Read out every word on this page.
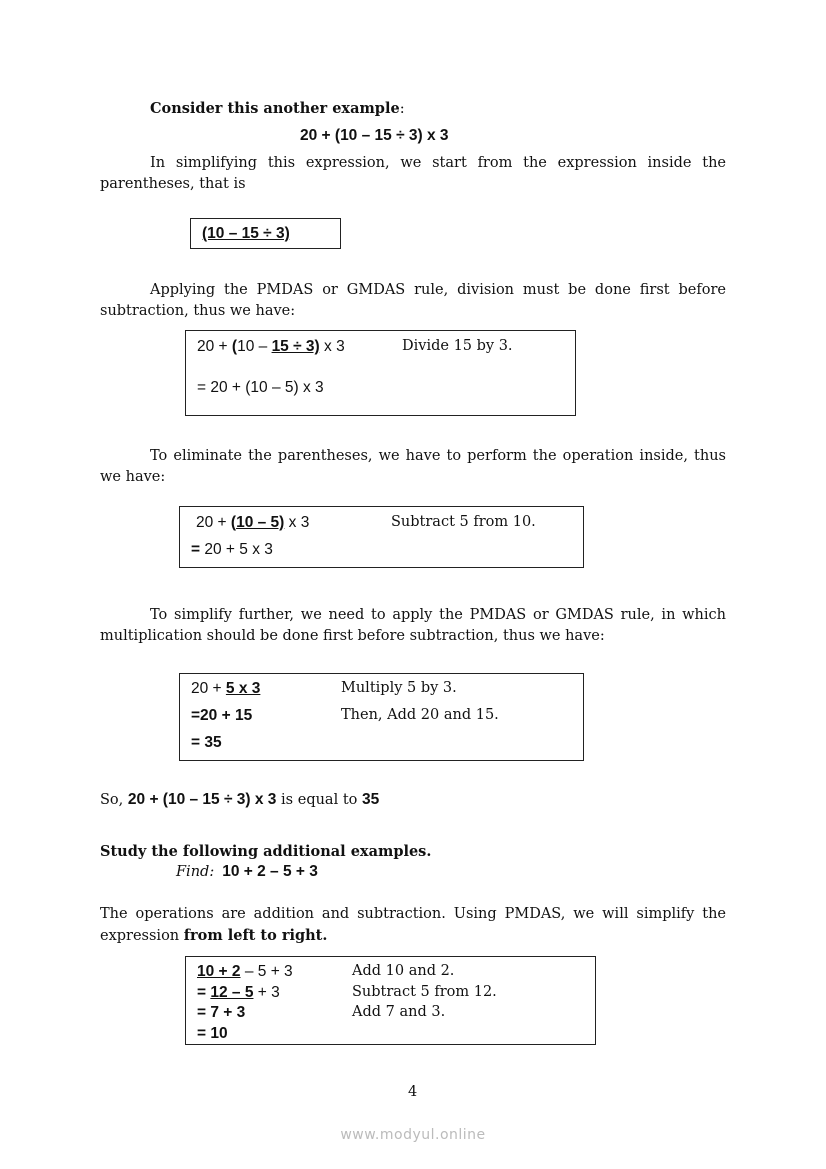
Consider this another example:
20 + (10 – 15 ÷ 3) x 3
In simplifying this expression, we start from the expression inside the parentheses, that is
(10 – 15 ÷ 3)
Applying the PMDAS or GMDAS rule, division must be done first before subtraction, thus we have:
20 + (10 – 15 ÷ 3) x 3	Divide 15 by 3.
= 20 + (10 – 5) x 3
To eliminate the parentheses, we have to perform the operation inside, thus we have:
20 + (10 – 5) x 3	Subtract 5 from 10.
= 20 + 5 x 3
To simplify further, we need to apply the PMDAS or GMDAS rule, in which multiplication should be done first before subtraction, thus we have:
20 + 5 x 3	Multiply 5 by 3.
=20 + 15	Then, Add 20 and 15.
= 35
So, 20 + (10 – 15 ÷ 3) x 3 is equal to 35
Study the following additional examples.
Find: 10 + 2 – 5 + 3
The operations are addition and subtraction. Using PMDAS, we will simplify the expression from left to right.
10 + 2 – 5 + 3	Add 10 and 2.
= 12 – 5 + 3	Subtract 5 from 12.
= 7 + 3	Add 7 and 3.
= 10
4
www.modyul.online
